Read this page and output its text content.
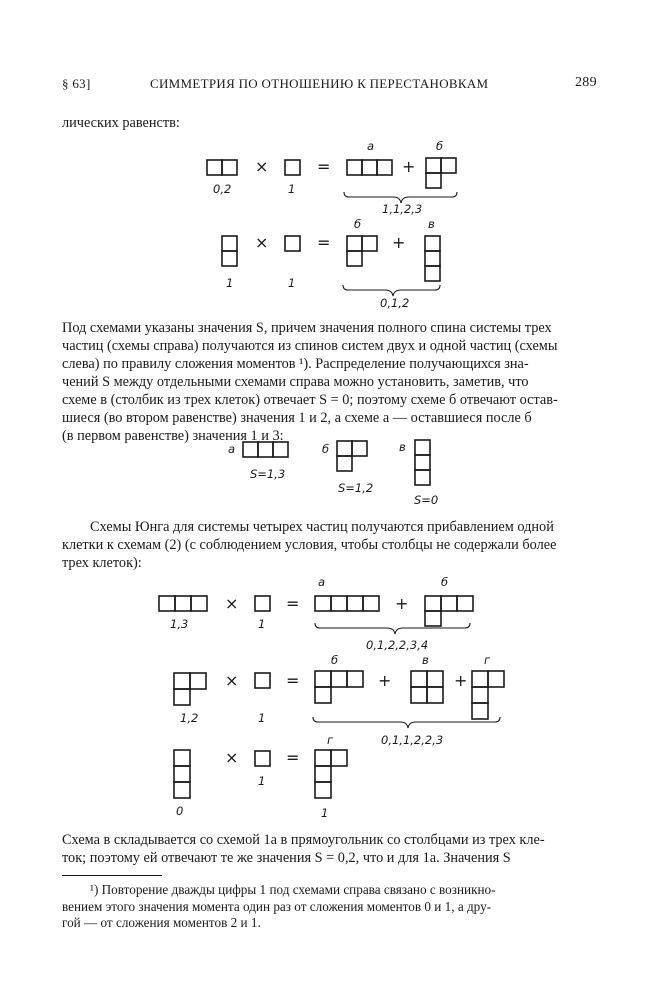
§ 63]	СИММЕТРИЯ ПО ОТНОШЕНИЮ К ПЕРЕСТАНОВКАМ	289
лических равенств:
0,2
×
1
=
а
+
б
1,1,2,3
1
×
1
=
б
+
в
0,1,2
а
S=1,3
б
S=1,2
в
S=0
1,3
×
1
=
а
+
б
0,1,2,2,3,4
1,2
×
1
=
б
+
в
+
г
0,1,1,2,2,3
0
×
1
=
г
1
Под схемами указаны значения S, причем значения полного спина системы трех
частиц (схемы справа) получаются из спинов систем двух и одной частиц (схемы
слева) по правилу сложения моментов ¹). Распределение получающихся зна-
чений S между отдельными схемами справа можно установить, заметив, что
схеме в (столбик из трех клеток) отвечает S = 0; поэтому схеме б отвечают остав-
шиеся (во втором равенстве) значения 1 и 2, а схеме а — оставшиеся после б
(в первом равенстве) значения 1 и 3:
Схемы Юнга для системы четырех частиц получаются прибавлением одной
клетки к схемам (2) (с соблюдением условия, чтобы столбцы не содержали более
трех клеток):
Схема в складывается со схемой 1а в прямоугольник со столбцами из трех кле-
ток; поэтому ей отвечают те же значения S = 0,2, что и для 1а. Значения S
¹) Повторение дважды цифры 1 под схемами справа связано с возникно-
вением этого значения момента один раз от сложения моментов 0 и 1, а дру-
гой — от сложения моментов 2 и 1.
